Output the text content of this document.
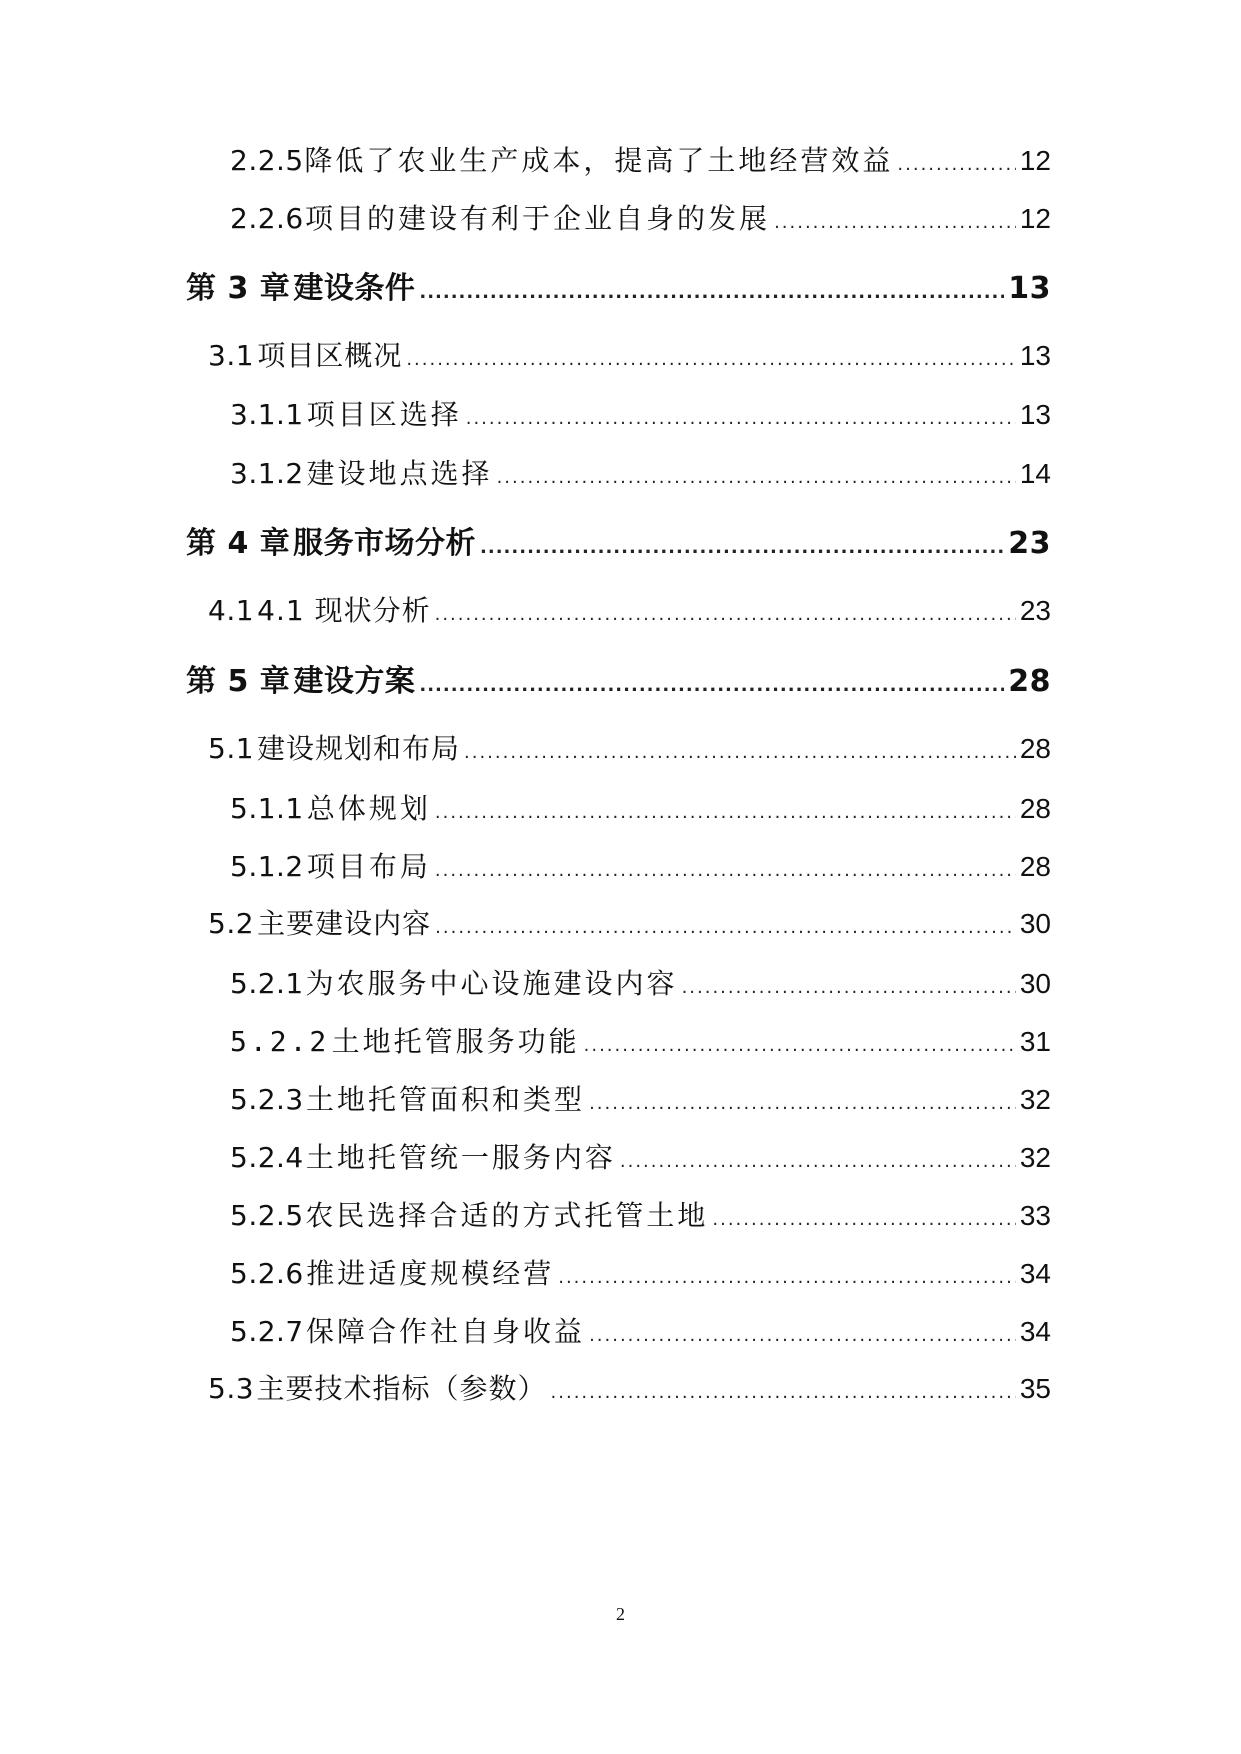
2.2.5 降低了农业生产成本，提高了土地经营效益 .....	12
2.2.6 项目的建设有利于企业自身的发展 .....	12
第 3 章 建设条件 .....	13
3.1 项目区概况 .....	13
3.1.1 项目区选择 .....	13
3.1.2 建设地点选择 .....	14
第 4 章 服务市场分析 .....	23
4.1 4.1 现状分析 .....	23
第 5 章 建设方案 .....	28
5.1 建设规划和布局 .....	28
5.1.1 总体规划 .....	28
5.1.2 项目布局 .....	28
5.2 主要建设内容 .....	30
5.2.1 为农服务中心设施建设内容 .....	30
5.2.2 土地托管服务功能 .....	31
5.2.3 土地托管面积和类型 .....	32
5.2.4 土地托管统一服务内容 .....	32
5.2.5 农民选择合适的方式托管土地 .....	33
5.2.6 推进适度规模经营 .....	34
5.2.7 保障合作社自身收益 .....	34
5.3 主要技术指标（参数） .....	35
2
